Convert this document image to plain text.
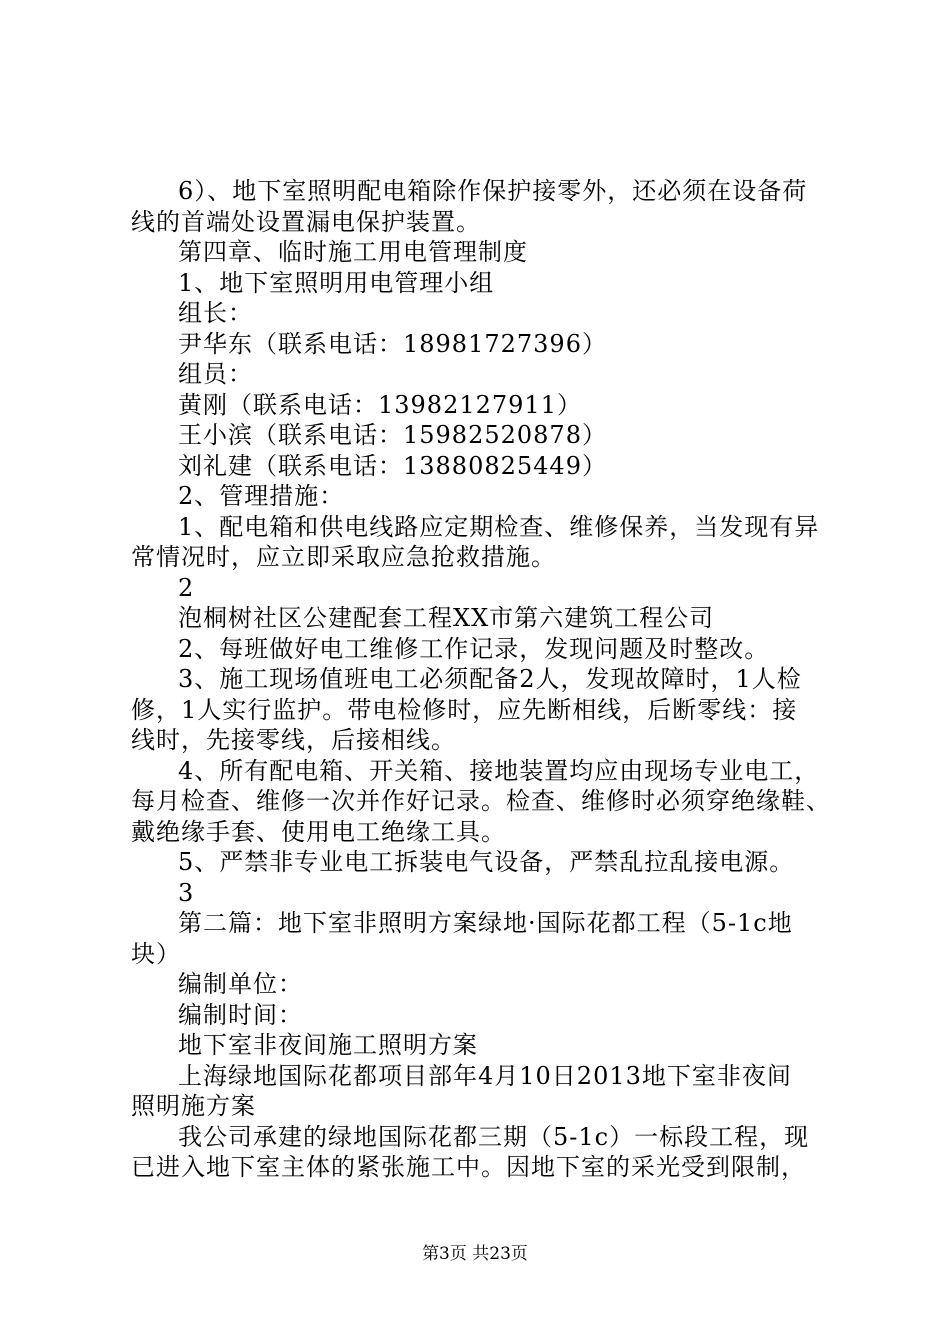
6）、地下室照明配电箱除作保护接零外，还必须在设备荷
线的首端处设置漏电保护装置。
第四章、临时施工用电管理制度
1、地下室照明用电管理小组
组长：
尹华东（联系电话：18981727396）
组员：
黄刚（联系电话：13982127911）
王小滨（联系电话：15982520878）
刘礼建（联系电话：13880825449）
2、管理措施：
1、配电箱和供电线路应定期检查、维修保养，当发现有异
常情况时，应立即采取应急抢救措施。
2
泡桐树社区公建配套工程XX市第六建筑工程公司
2、每班做好电工维修工作记录，发现问题及时整改。
3、施工现场值班电工必须配备2人，发现故障时，1人检
修，1人实行监护。带电检修时，应先断相线，后断零线：接
线时，先接零线，后接相线。
4、所有配电箱、开关箱、接地装置均应由现场专业电工，
每月检查、维修一次并作好记录。检查、维修时必须穿绝缘鞋、
戴绝缘手套、使用电工绝缘工具。
5、严禁非专业电工拆装电气设备，严禁乱拉乱接电源。
3
第二篇：地下室非照明方案绿地·国际花都工程（5-1c地
块）
编制单位：
编制时间：
地下室非夜间施工照明方案
上海绿地国际花都项目部年4月10日2013地下室非夜间
照明施方案
我公司承建的绿地国际花都三期（5-1c）一标段工程，现
已进入地下室主体的紧张施工中。因地下室的采光受到限制，
第3页 共23页
